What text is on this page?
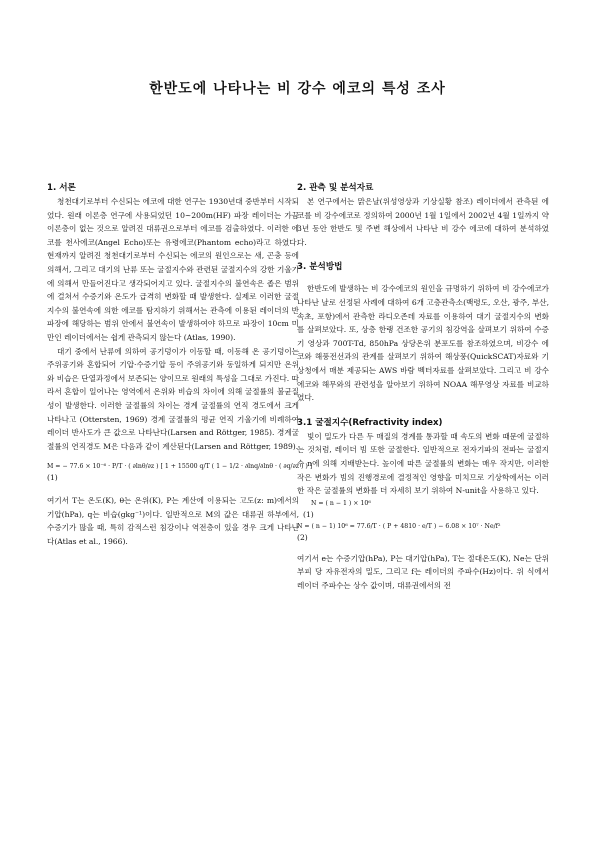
한반도에 나타나는 비 강수 에코의 특성 조사
1. 서론

청천대기로부터 수신되는 에코에 대한 연구는 1930년대 중반부터 시작되었다. 원래 이론층 연구에 사용되었던 10~200m(HF) 파장 레이더는 가끔 이론층이 없는 것으로 알려진 대류권으로부터 에코를 검출하였다. 이러한 에코를 천사에코(Angel Echo)또는 유령에코(Phantom echo)라고 하였다. 현재까지 알려진 청천대기로부터 수신되는 에코의 원인으로는 새, 곤충 등에 의해서, 그리고 대기의 난류 또는 굴절지수와 관련된 굴절지수의 강한 기울기에 의해서 만들어진다고 생각되어지고 있다. 굴절지수의 불연속은 좁은 범위에 걸쳐서 수증기와 온도가 급격히 변화할 때 발생한다. 실제로 이러한 굴절지수의 불연속에 의한 에코를 탐지하기 위해서는 관측에 이용된 레이더의 반 파장에 해당하는 범위 안에서 불연속이 발생하여야 하므로 파장이 10cm 미만인 레이더에서는 쉽게 관측되지 않는다 (Atlas, 1990).

대기 중에서 난류에 의하여 공기덩이가 이동할 때, 이동해 온 공기덩이는 주위공기와 혼합되어 기압·수증기압 등이 주위공기와 동일하게 되지만 온위와 비습은 단열과정에서 보존되는 양이므로 원래의 특성을 그대로 가진다. 따라서 혼합이 일어나는 영역에서 온위와 비습의 차이에 의해 굴절률의 불균질성이 발생한다. 이러한 굴절률의 차이는 경계 굴절률의 연직 경도에서 크게 나타나고 (Ottersten, 1969) 경계 굴절률의 평균 연직 기울기에 비례하여 레이더 반사도가 큰 값으로 나타난다(Larsen and Röttger, 1985). 경계굴절률의 연직경도 M은 다음과 같이 계산된다(Larsen and Röttger, 1989).

M = − 77.6 × 10⁻⁶ · P/T · ( ∂lnθ/∂z ) [ 1 + 15500 q/T ( 1 − 1/2 · ∂lnq/∂lnθ · ( ∂q/∂z ) ) ]
(1)

여기서 T는 온도(K), θ는 온위(K), P는 계산에 이용되는 고도(z: m)에서의 기압(hPa), q는 비습(gkg⁻¹)이다. 일반적으로 M의 값은 대류권 하부에서, 수증기가 많을 때, 특히 감적스런 침강이나 역전층이 있을 경우 크게 나타난다(Atlas et al., 1966).

2. 관측 및 분석자료

본 연구에서는 맑은날(위성영상과 기상실황 참조) 레이더에서 관측된 에코를 비 강수에코로 정의하여 2000년 1월 1일에서 2002년 4월 1일까지 약 3년 동안 한반도 및 주변 해상에서 나타난 비 강수 에코에 대하여 분석하였다.

3. 분석방법

한반도에 발생하는 비 강수에코의 원인을 규명하기 위하여 비 강수에코가 나타난 날로 선정된 사례에 대하여 6개 고층관측소(백령도, 오산, 광주, 부산, 속초, 포항)에서 관측한 라디오존데 자료를 이용하여 대기 굴절지수의 변화를 살펴보았다. 또, 상층 한랭 건조한 공기의 침강역을 살펴보기 위하여 수증기 영상과 700T-Td, 850hPa 상당온위 분포도를 참조하였으며, 비강수 에코와 해풍전선과의 관계를 살펴보기 위하여 해상풍(QuickSCAT)자료와 기상청에서 매분 제공되는 AWS 바람 벡터자료를 살펴보았다. 그리고 비 강수에코와 해무와의 관련성을 알아보기 위하여 NOAA 해무영상 자료를 비교하였다.

3.1 굴절지수(Refractivity index)

빛이 밀도가 다른 두 매질의 경계를 통과할 때 속도의 변화 때문에 굴절하는 것처럼, 레이더 빔 또한 굴절한다. 일반적으로 전자기파의 전파는 굴절지수 n에 의해 지배받는다. 높이에 따른 굴절률의 변화는 매우 작지만, 이러한 작은 변화가 빔의 진행경로에 결정적인 영향을 미치므로 기상학에서는 이러한 작은 굴절률의 변화를 더 자세히 보기 위하여 N-unit을 사용하고 있다.

N = ( n − 1 ) × 10⁶
(1)
N = ( n − 1) 10⁶ = 77.6/T · ( P + 4810 · e/T ) − 6.08 × 10⁷ · Ne/f²
(2)

여기서 e는 수증기압(hPa), P는 대기압(hPa), T는 절대온도(K), Ne는 단위 부피 당 자유전자의 밀도, 그리고 f는 레이더의 주파수(Hz)이다. 위 식에서 레이더 주파수는 상수 값이며, 대류권에서의 전
